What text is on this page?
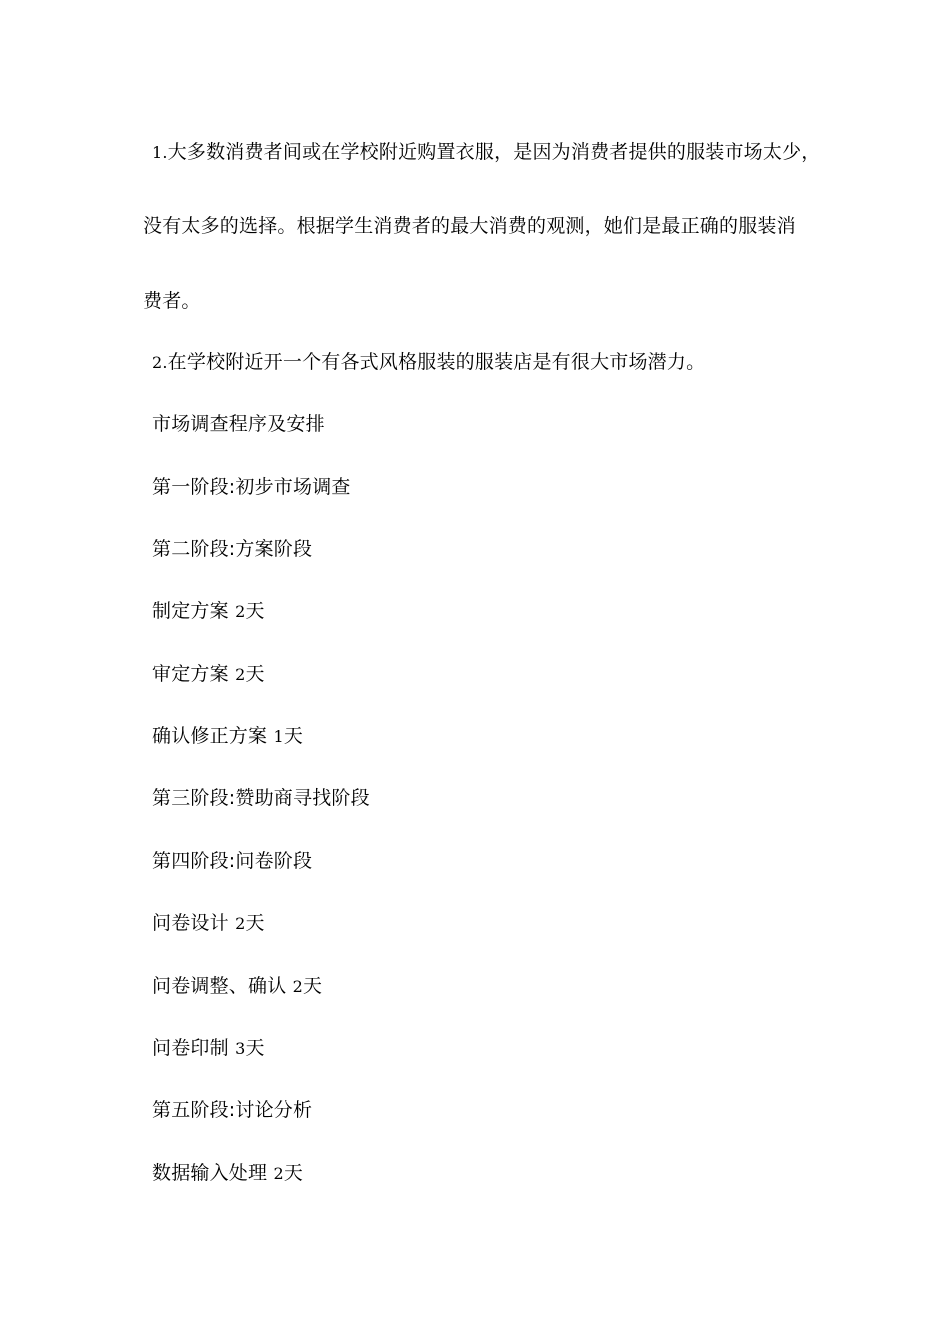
1.大多数消费者间或在学校附近购置衣服，是因为消费者提供的服装市场太少，
没有太多的选择。根据学生消费者的最大消费的观测，她们是最正确的服装消
费者。
2.在学校附近开一个有各式风格服装的服装店是有很大市场潜力。
市场调查程序及安排
第一阶段:初步市场调查
第二阶段:方案阶段
制定方案 2天
审定方案 2天
确认修正方案 1天
第三阶段:赞助商寻找阶段
第四阶段:问卷阶段
问卷设计 2天
问卷调整、确认 2天
问卷印制 3天
第五阶段:讨论分析
数据输入处理 2天
